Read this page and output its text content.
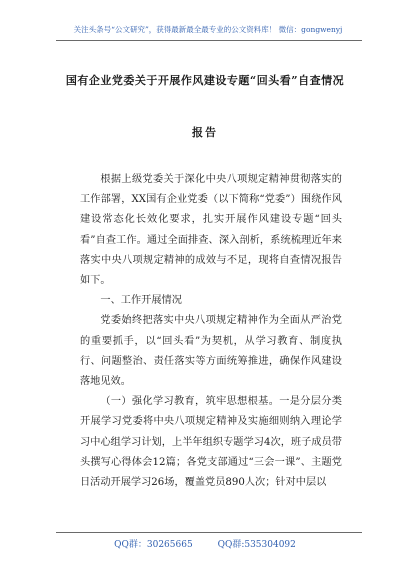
关注头条号“公文研究”，获得最新最全最专业的公文资料库！ 微信：gongwenyj
国有企业党委关于开展作风建设专题“回头看”自查情况
报告

根据上级党委关于深化中央八项规定精神贯彻落实的工作部署，XX国有企业党委（以下简称“党委”）围绕作风建设常态化长效化要求，扎实开展作风建设专题“回头看”自查工作。通过全面排查、深入剖析，系统梳理近年来落实中央八项规定精神的成效与不足，现将自查情况报告如下。

一、工作开展情况

党委始终把落实中央八项规定精神作为全面从严治党的重要抓手，以“回头看”为契机，从学习教育、制度执行、问题整治、责任落实等方面统筹推进，确保作风建设落地见效。

（一）强化学习教育，筑牢思想根基。一是分层分类开展学习党委将中央八项规定精神及实施细则纳入理论学习中心组学习计划，上半年组织专题学习4次，班子成员带头撰写心得体会12篇；各党支部通过“三会一课”、主题党日活动开展学习26场，覆盖党员890人次；针对中层以

QQ群：30265665	QQ群:535304092
